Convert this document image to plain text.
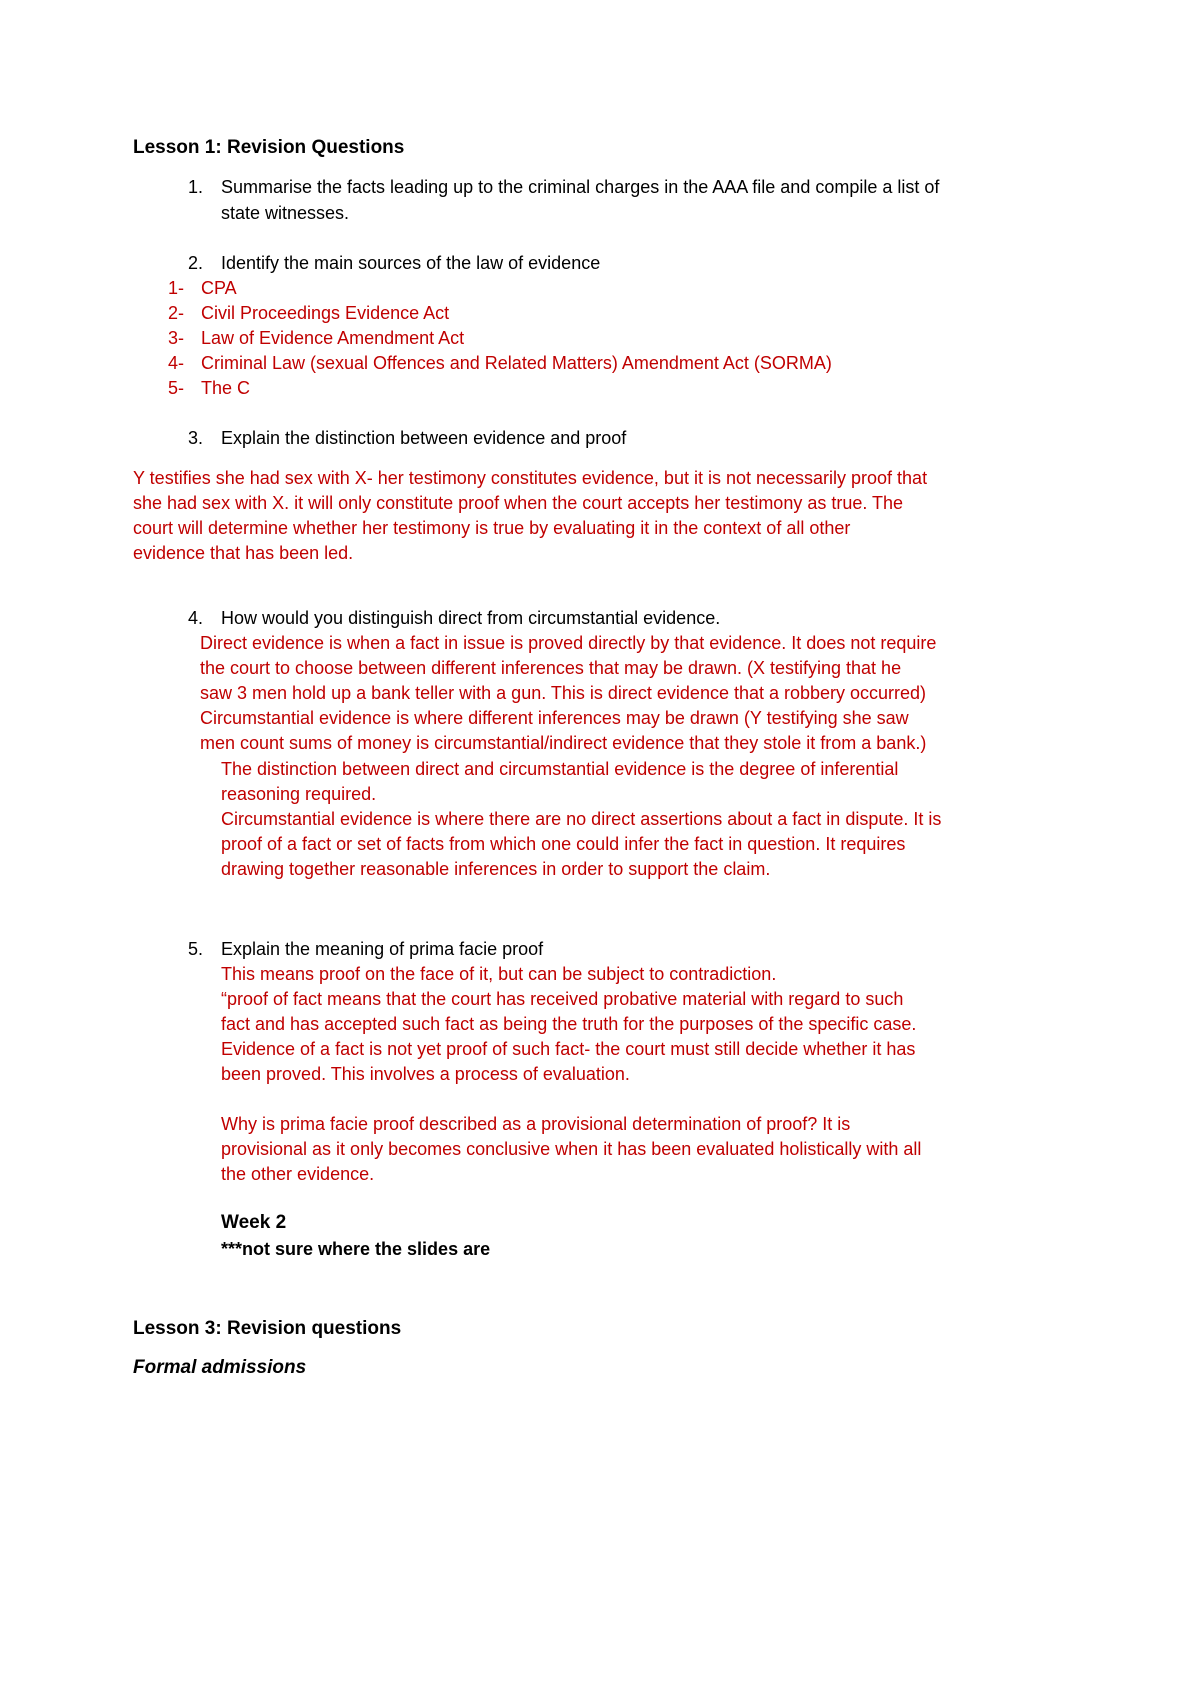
Lesson 1: Revision Questions
1. Summarise the facts leading up to the criminal charges in the AAA file and compile a list of
state witnesses.
2. Identify the main sources of the law of evidence
1- CPA
2- Civil Proceedings Evidence Act
3- Law of Evidence Amendment Act
4- Criminal Law (sexual Offences and Related Matters) Amendment Act (SORMA)
5- The C
3. Explain the distinction between evidence and proof
Y testifies she had sex with X- her testimony constitutes evidence, but it is not necessarily proof that
she had sex with X. it will only constitute proof when the court accepts her testimony as true. The
court will determine whether her testimony is true by evaluating it in the context of all other
evidence that has been led.
4. How would you distinguish direct from circumstantial evidence.
Direct evidence is when a fact in issue is proved directly by that evidence. It does not require
the court to choose between different inferences that may be drawn. (X testifying that he
saw 3 men hold up a bank teller with a gun. This is direct evidence that a robbery occurred)
Circumstantial evidence is where different inferences may be drawn (Y testifying she saw
men count sums of money is circumstantial/indirect evidence that they stole it from a bank.)
The distinction between direct and circumstantial evidence is the degree of inferential
reasoning required.
Circumstantial evidence is where there are no direct assertions about a fact in dispute. It is
proof of a fact or set of facts from which one could infer the fact in question. It requires
drawing together reasonable inferences in order to support the claim.
5. Explain the meaning of prima facie proof
This means proof on the face of it, but can be subject to contradiction.
“proof of fact means that the court has received probative material with regard to such
fact and has accepted such fact as being the truth for the purposes of the specific case.
Evidence of a fact is not yet proof of such fact- the court must still decide whether it has
been proved. This involves a process of evaluation.
Why is prima facie proof described as a provisional determination of proof? It is
provisional as it only becomes conclusive when it has been evaluated holistically with all
the other evidence.
Week 2
***not sure where the slides are
Lesson 3: Revision questions
Formal admissions
